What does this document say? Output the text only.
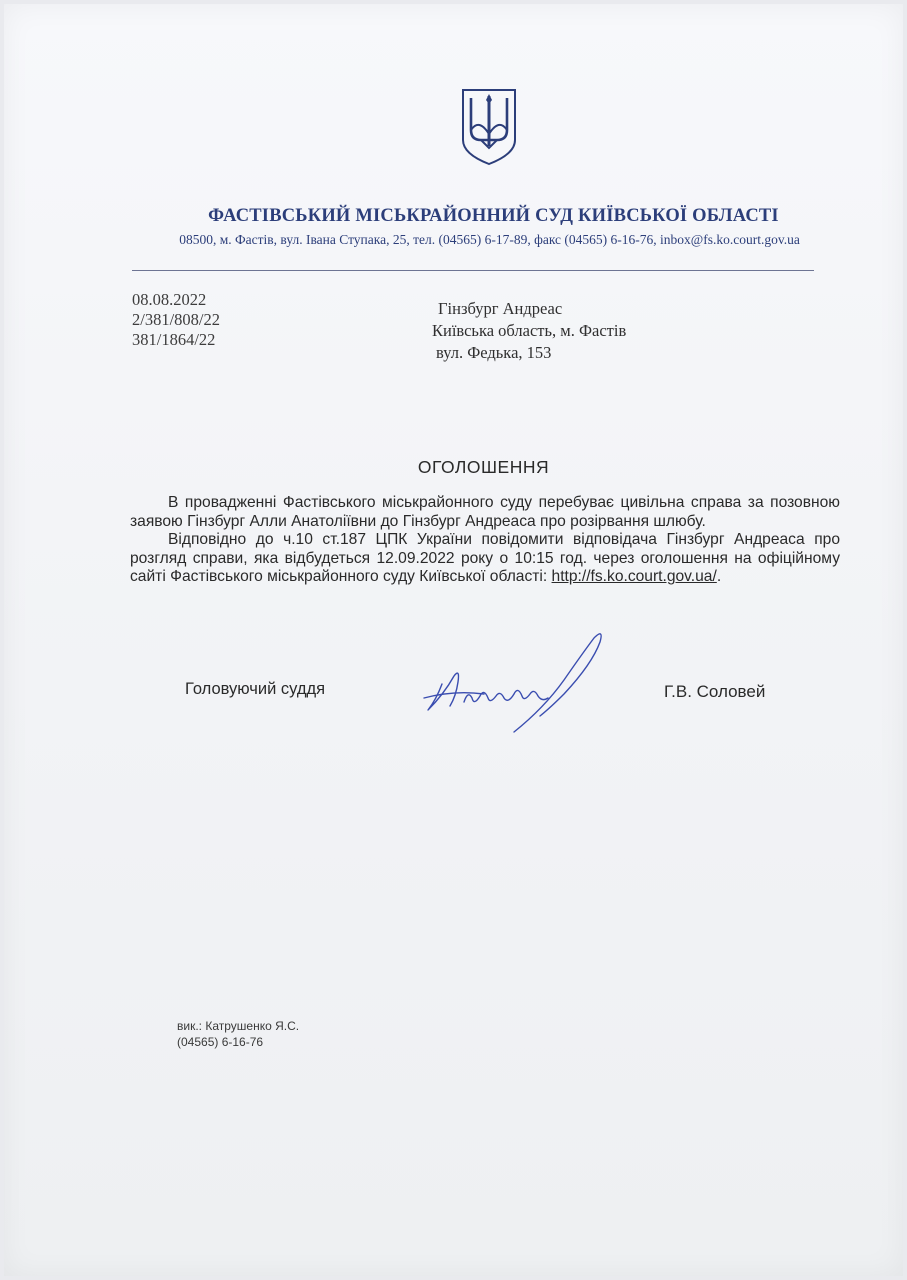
ФАСТІВСЬКИЙ МІСЬКРАЙОННИЙ СУД КИЇВСЬКОЇ ОБЛАСТІ
08500, м. Фастів, вул. Івана Ступака, 25, тел. (04565) 6-17-89, факс (04565) 6-16-76, inbox@fs.ko.court.gov.ua
08.08.2022
2/381/808/22
381/1864/22
Гінзбург Андреас
Київська область, м. Фастів
вул. Федька, 153
ОГОЛОШЕННЯ

В провадженні Фастівського міськрайонного суду перебуває цивільна справа за позовною заявою Гінзбург Алли Анатоліївни до Гінзбург Андреаса про розірвання шлюбу.

Відповідно до ч.10 ст.187 ЦПК України повідомити відповідача Гінзбург Андреаса про розгляд справи, яка відбудеться 12.09.2022 року о 10:15 год. через оголошення на офіційному сайті Фастівського міськрайонного суду Київської області: http://fs.ko.court.gov.ua/.

Головуючий суддя	Г.В. Соловей
вик.: Катрушенко Я.С.
(04565) 6-16-76
